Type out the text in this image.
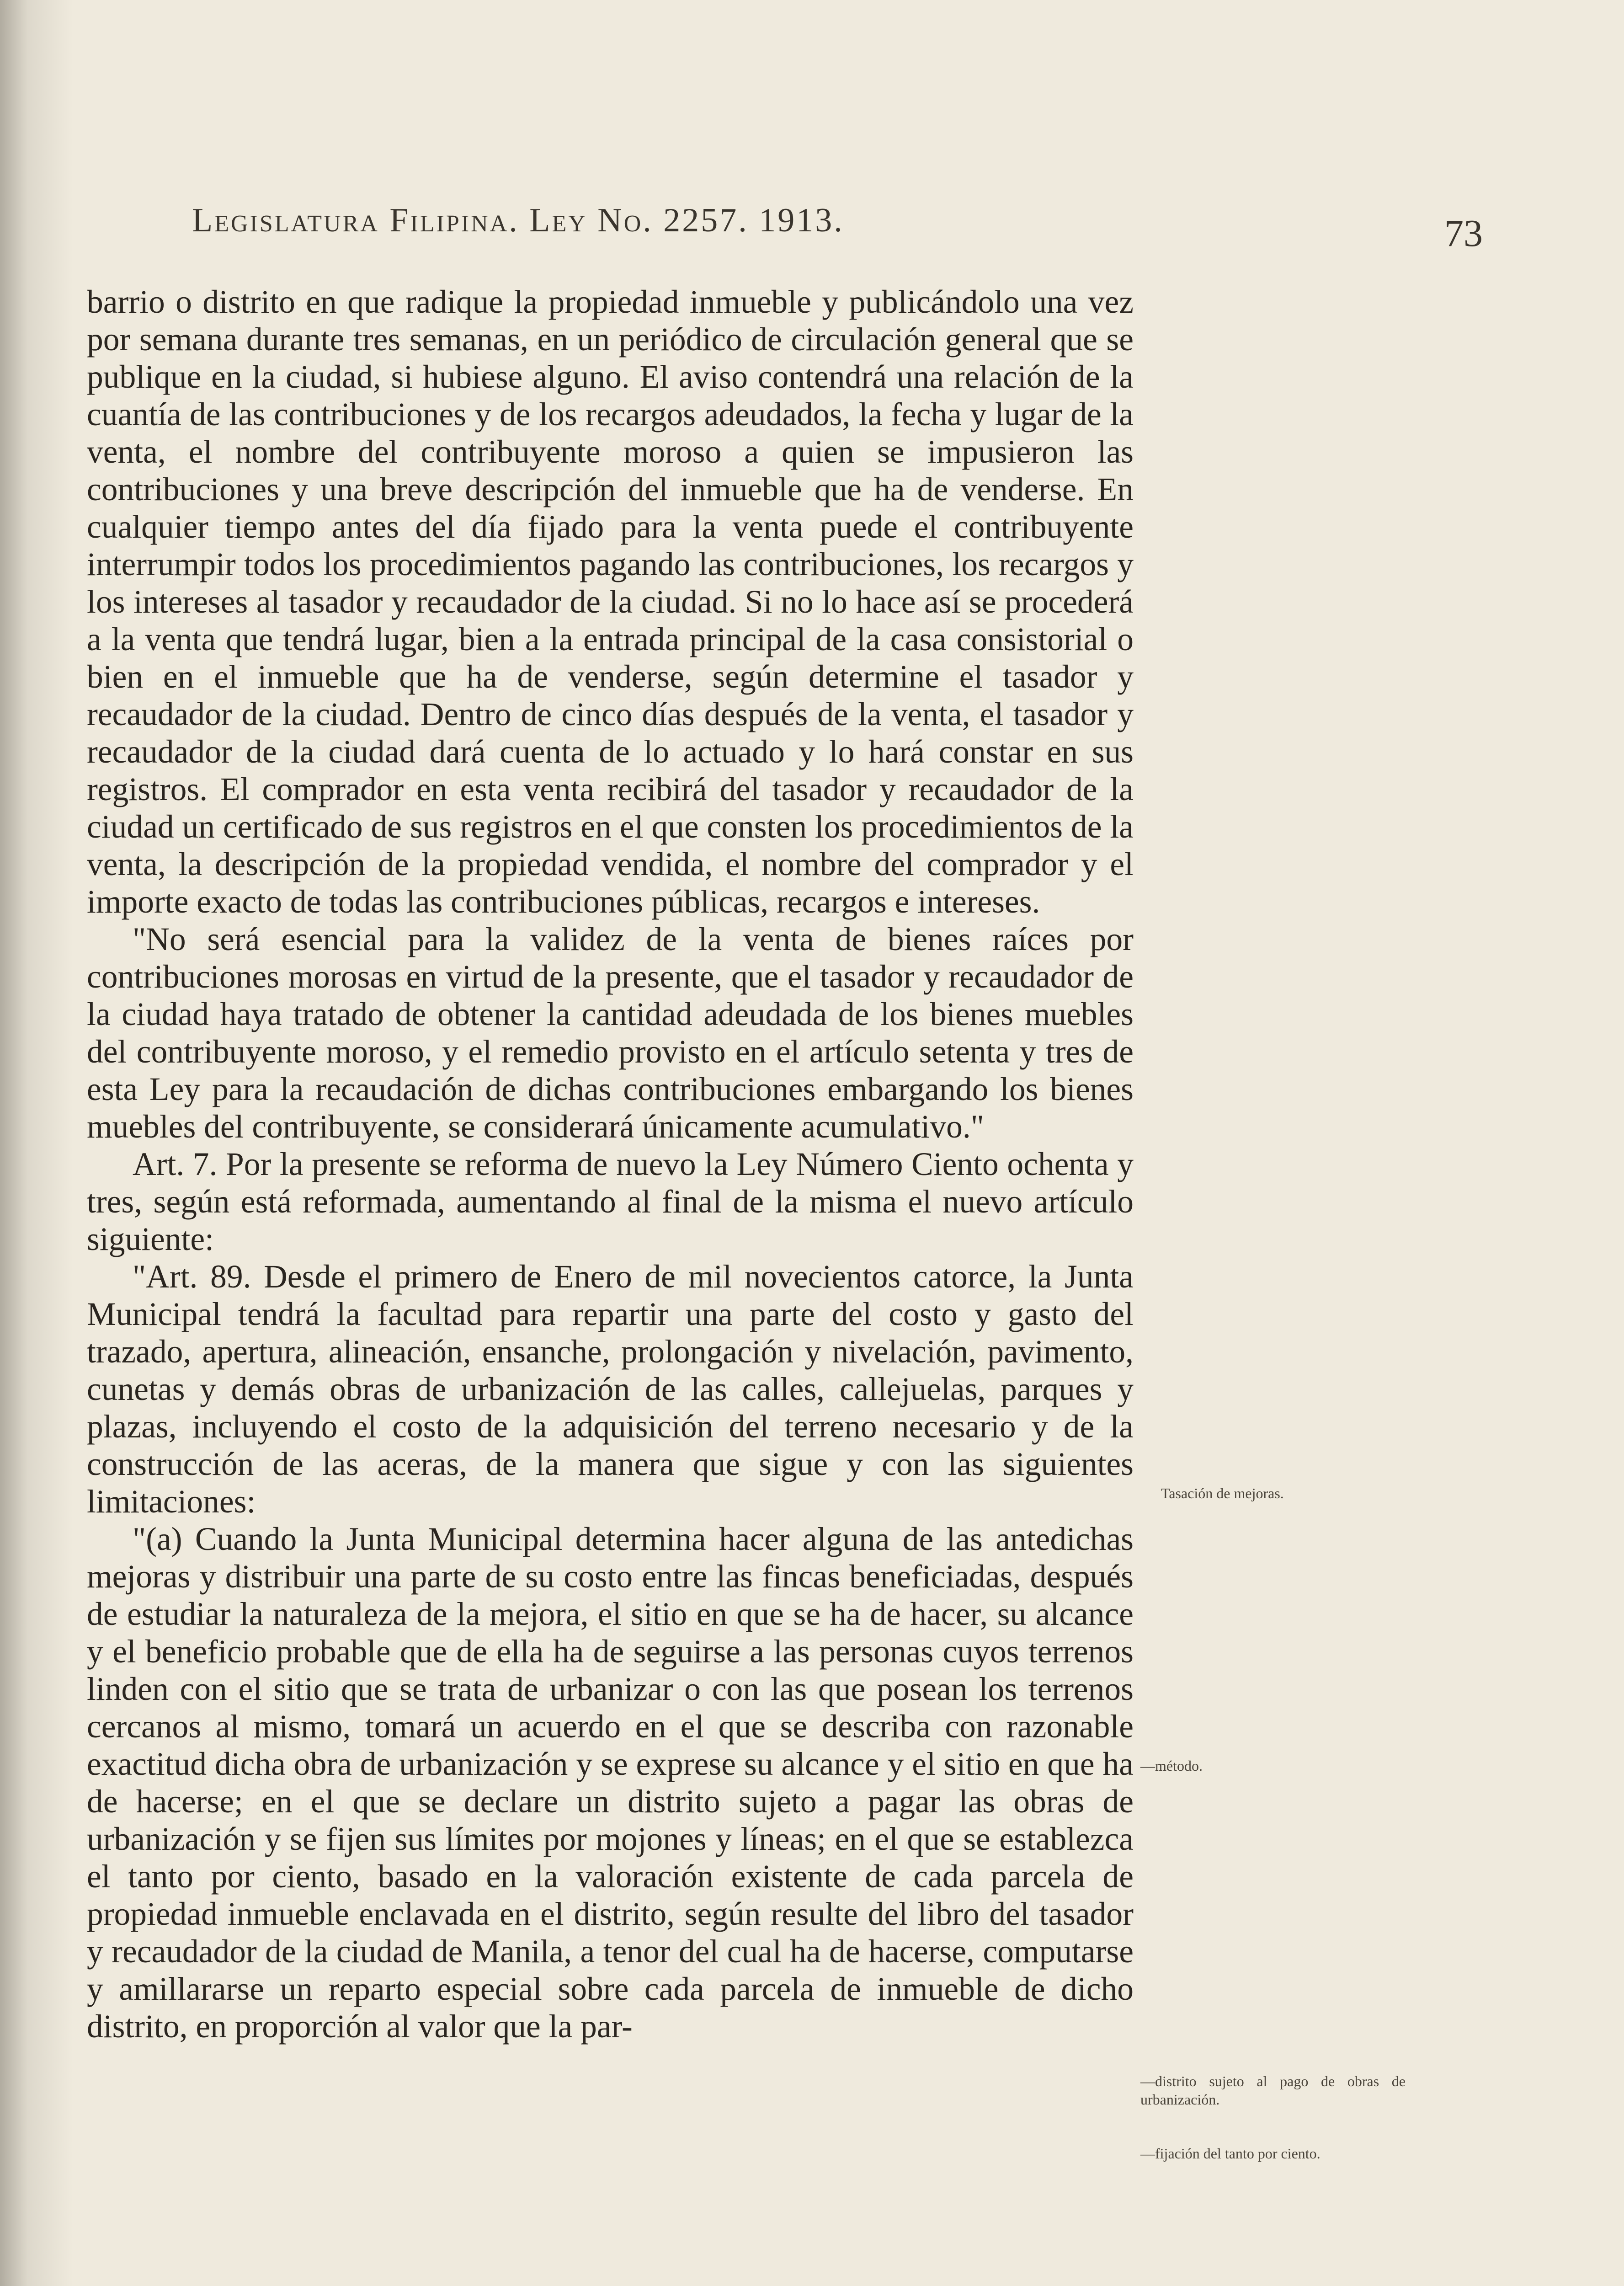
Legislatura Filipina. Ley No. 2257. 1913.	73

barrio o distrito en que radique la propiedad inmueble y publicándolo una vez por semana durante tres semanas, en un periódico de circulación general que se publique en la ciudad, si hubiese alguno. El aviso contendrá una relación de la cuantía de las contribuciones y de los recargos adeudados, la fecha y lugar de la venta, el nombre del contribuyente moroso a quien se impusieron las contribuciones y una breve descripción del inmueble que ha de venderse. En cualquier tiempo antes del día fijado para la venta puede el contribuyente interrumpir todos los procedimientos pagando las contribuciones, los recargos y los intereses al tasador y recaudador de la ciudad. Si no lo hace así se procederá a la venta que tendrá lugar, bien a la entrada principal de la casa consistorial o bien en el inmueble que ha de venderse, según determine el tasador y recaudador de la ciudad. Dentro de cinco días después de la venta, el tasador y recaudador de la ciudad dará cuenta de lo actuado y lo hará constar en sus registros. El comprador en esta venta recibirá del tasador y recaudador de la ciudad un certificado de sus registros en el que consten los procedimientos de la venta, la descripción de la propiedad vendida, el nombre del comprador y el importe exacto de todas las contribuciones públicas, recargos e intereses.

"No será esencial para la validez de la venta de bienes raíces por contribuciones morosas en virtud de la presente, que el tasador y recaudador de la ciudad haya tratado de obtener la cantidad adeudada de los bienes muebles del contribuyente moroso, y el remedio provisto en el artículo setenta y tres de esta Ley para la recaudación de dichas contribuciones embargando los bienes muebles del contribuyente, se considerará únicamente acumulativo."

Art. 7. Por la presente se reforma de nuevo la Ley Número Ciento ochenta y tres, según está reformada, aumentando al final de la misma el nuevo artículo siguiente:

"Art. 89. Desde el primero de Enero de mil novecientos catorce, la Junta Municipal tendrá la facultad para repartir una parte del costo y gasto del trazado, apertura, alineación, ensanche, prolongación y nivelación, pavimento, cunetas y demás obras de urbanización de las calles, callejuelas, parques y plazas, incluyendo el costo de la adquisición del terreno necesario y de la construcción de las aceras, de la manera que sigue y con las siguientes limitaciones:

"(a) Cuando la Junta Municipal determina hacer alguna de las antedichas mejoras y distribuir una parte de su costo entre las fincas beneficiadas, después de estudiar la naturaleza de la mejora, el sitio en que se ha de hacer, su alcance y el beneficio probable que de ella ha de seguirse a las personas cuyos terrenos linden con el sitio que se trata de urbanizar o con las que posean los terrenos cercanos al mismo, tomará un acuerdo en el que se describa con razonable exactitud dicha obra de urbanización y se exprese su alcance y el sitio en que ha de hacerse; en el que se declare un distrito sujeto a pagar las obras de urbanización y se fijen sus límites por mojones y líneas; en el que se establezca el tanto por ciento, basado en la valoración existente de cada parcela de propiedad inmueble enclavada en el distrito, según resulte del libro del tasador y recaudador de la ciudad de Manila, a tenor del cual ha de hacerse, computarse y amillararse un reparto especial sobre cada parcela de inmueble de dicho distrito, en proporción al valor que la par-

Tasación de mejoras.
—método.
—distrito sujeto al pago de obras de urbanización.
—fijación del tanto por ciento.
